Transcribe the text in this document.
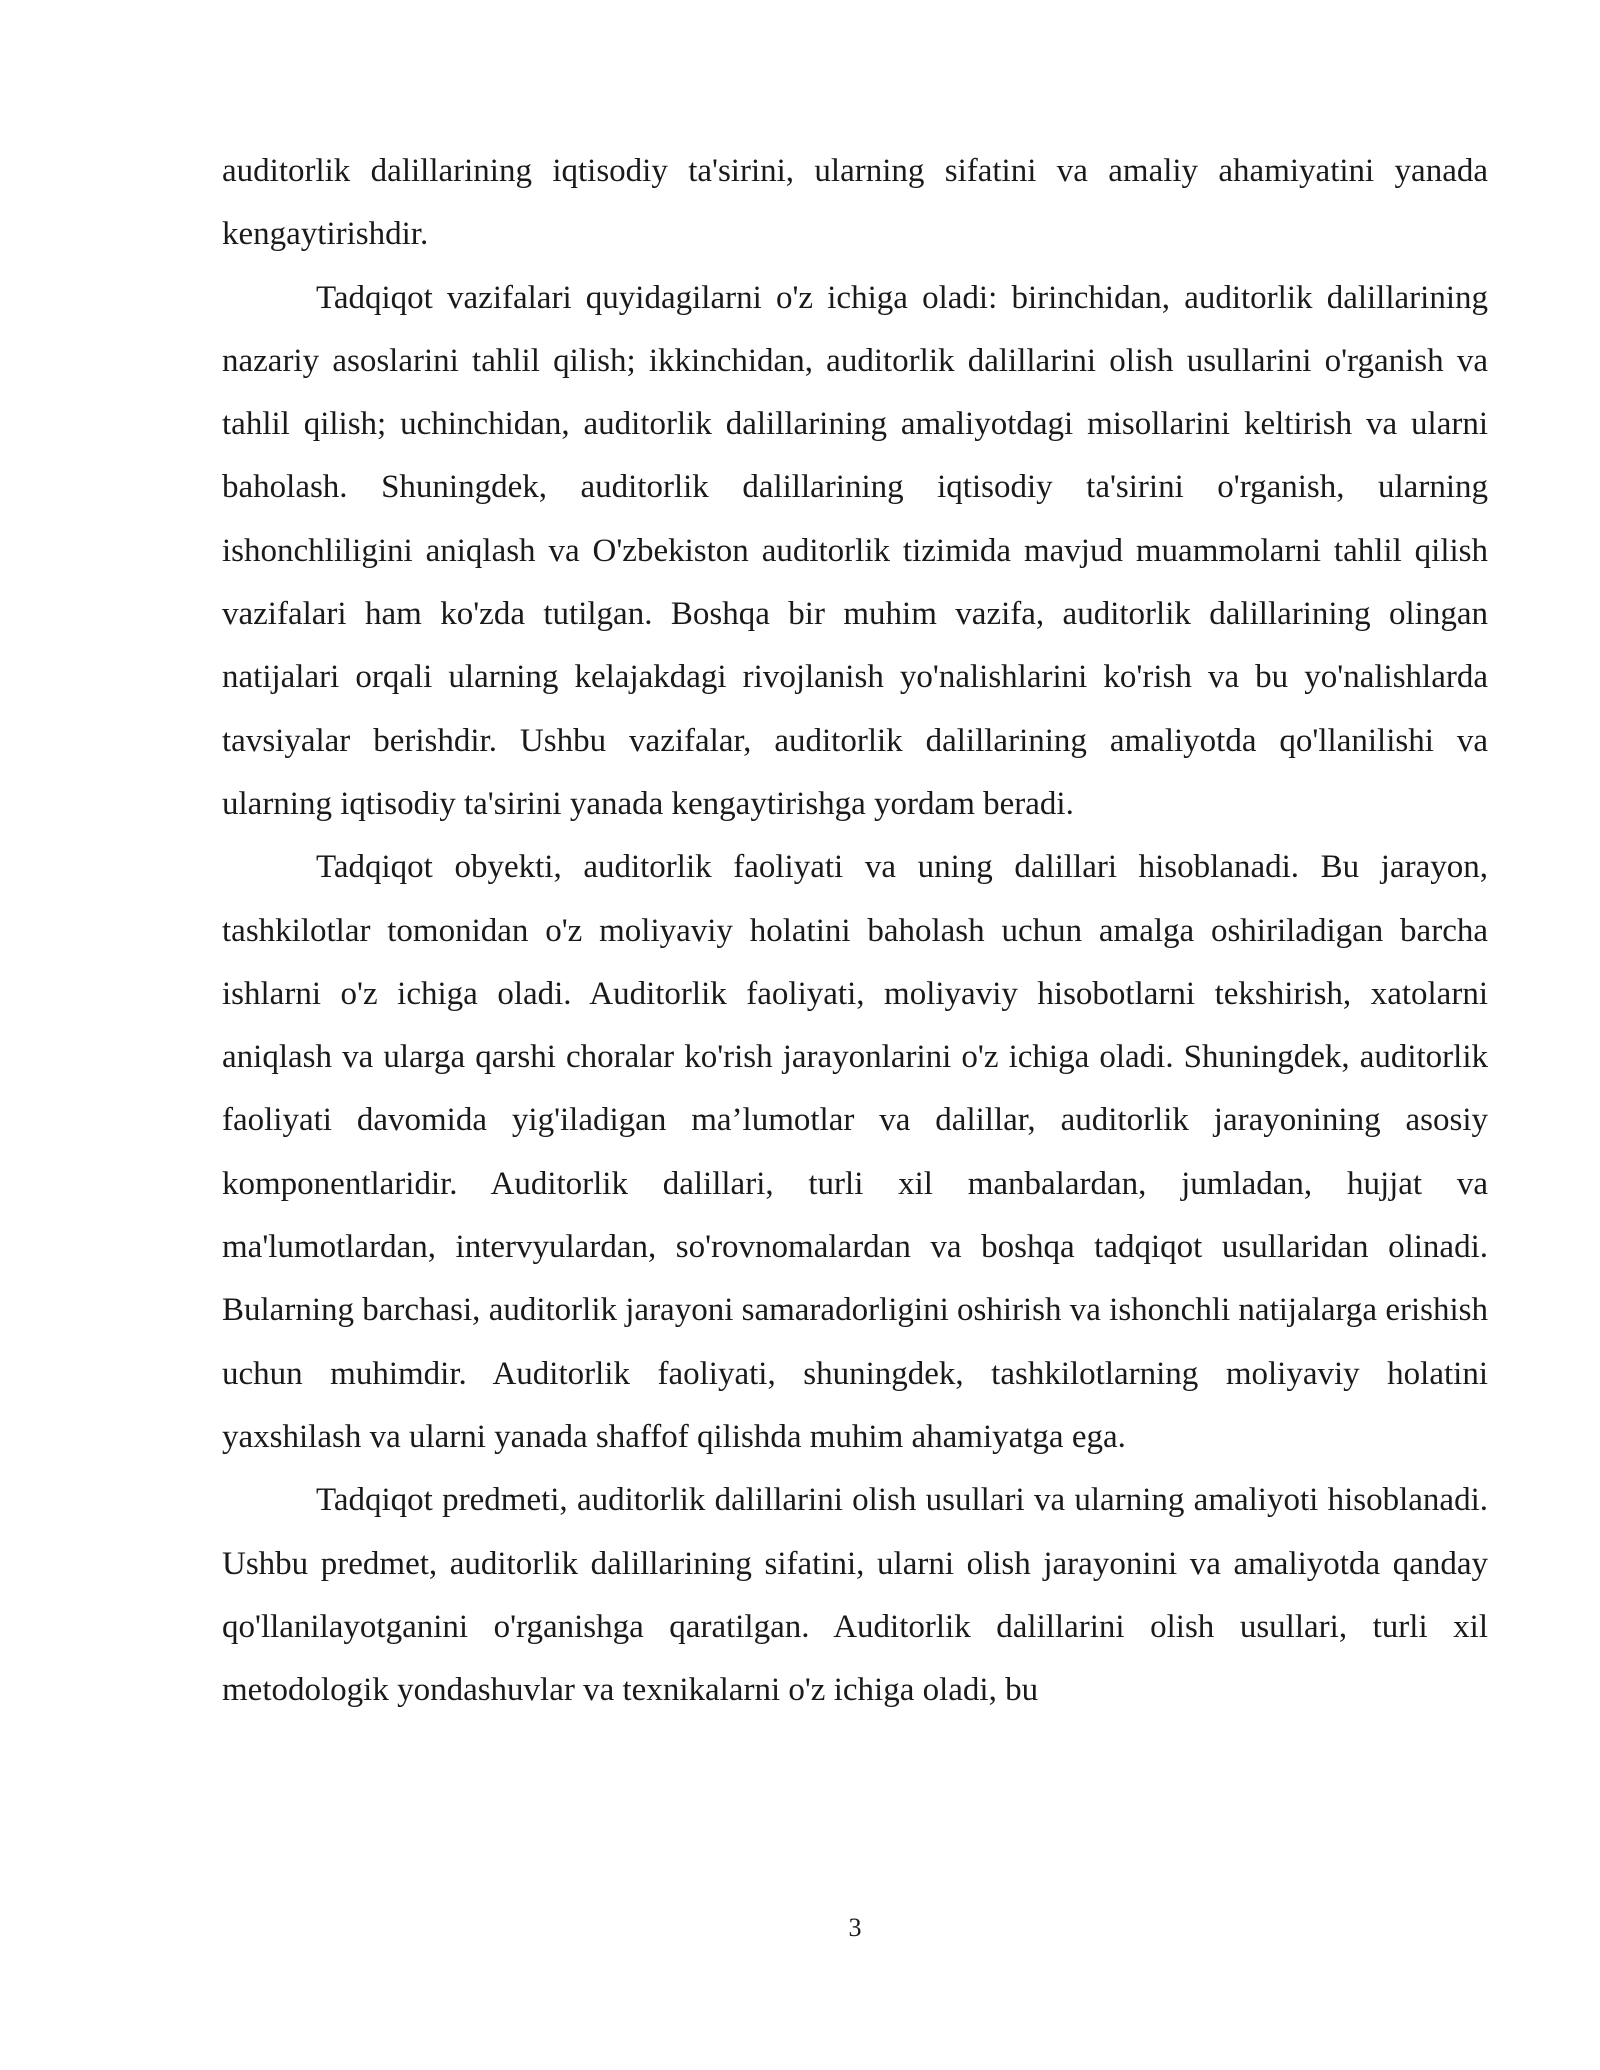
auditorlik dalillarining iqtisodiy ta'sirini, ularning sifatini va amaliy ahamiyatini yanada kengaytirishdir.

Tadqiqot vazifalari quyidagilarni o'z ichiga oladi: birinchidan, auditorlik dalillarining nazariy asoslarini tahlil qilish; ikkinchidan, auditorlik dalillarini olish usullarini o'rganish va tahlil qilish; uchinchidan, auditorlik dalillarining amaliyotdagi misollarini keltirish va ularni baholash. Shuningdek, auditorlik dalillarining iqtisodiy ta'sirini o'rganish, ularning ishonchliligini aniqlash va O'zbekiston auditorlik tizimida mavjud muammolarni tahlil qilish vazifalari ham ko'zda tutilgan. Boshqa bir muhim vazifa, auditorlik dalillarining olingan natijalari orqali ularning kelajakdagi rivojlanish yo'nalishlarini ko'rish va bu yo'nalishlarda tavsiyalar berishdir. Ushbu vazifalar, auditorlik dalillarining amaliyotda qo'llanilishi va ularning iqtisodiy ta'sirini yanada kengaytirishga yordam beradi.

Tadqiqot obyekti, auditorlik faoliyati va uning dalillari hisoblanadi. Bu jarayon, tashkilotlar tomonidan o'z moliyaviy holatini baholash uchun amalga oshiriladigan barcha ishlarni o'z ichiga oladi. Auditorlik faoliyati, moliyaviy hisobotlarni tekshirish, xatolarni aniqlash va ularga qarshi choralar ko'rish jarayonlarini o'z ichiga oladi. Shuningdek, auditorlik faoliyati davomida yig'iladigan ma’lumotlar va dalillar, auditorlik jarayonining asosiy komponentlaridir. Auditorlik dalillari, turli xil manbalardan, jumladan, hujjat va ma'lumotlardan, intervyulardan, so'rovnomalardan va boshqa tadqiqot usullaridan olinadi. Bularning barchasi, auditorlik jarayoni samaradorligini oshirish va ishonchli natijalarga erishish uchun muhimdir. Auditorlik faoliyati, shuningdek, tashkilotlarning moliyaviy holatini yaxshilash va ularni yanada shaffof qilishda muhim ahamiyatga ega.

Tadqiqot predmeti, auditorlik dalillarini olish usullari va ularning amaliyoti hisoblanadi. Ushbu predmet, auditorlik dalillarining sifatini, ularni olish jarayonini va amaliyotda qanday qo'llanilayotganini o'rganishga qaratilgan. Auditorlik dalillarini olish usullari, turli xil metodologik yondashuvlar va texnikalarni o'z ichiga oladi, bu

3
